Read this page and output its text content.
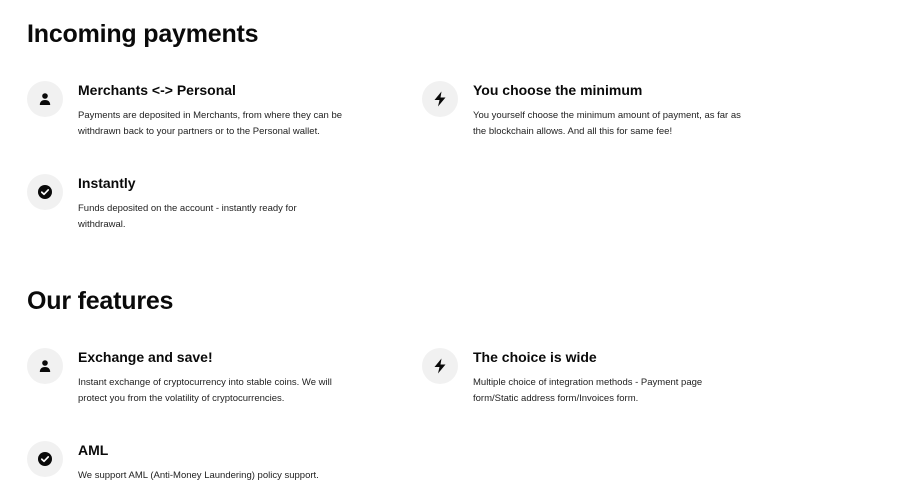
Incoming payments
Merchants <-> Personal

Payments are deposited in Merchants, from where they can be withdrawn back to your partners or to the Personal wallet.

You choose the minimum

You yourself choose the minimum amount of payment, as far as the blockchain allows. And all this for same fee!

Instantly

Funds deposited on the account - instantly ready for withdrawal.

Our features
Exchange and save!

Instant exchange of cryptocurrency into stable coins. We will protect you from the volatility of cryptocurrencies.

The choice is wide

Multiple choice of integration methods - Payment page form/Static address form/Invoices form.

AML

We support AML (Anti-Money Laundering) policy support.
